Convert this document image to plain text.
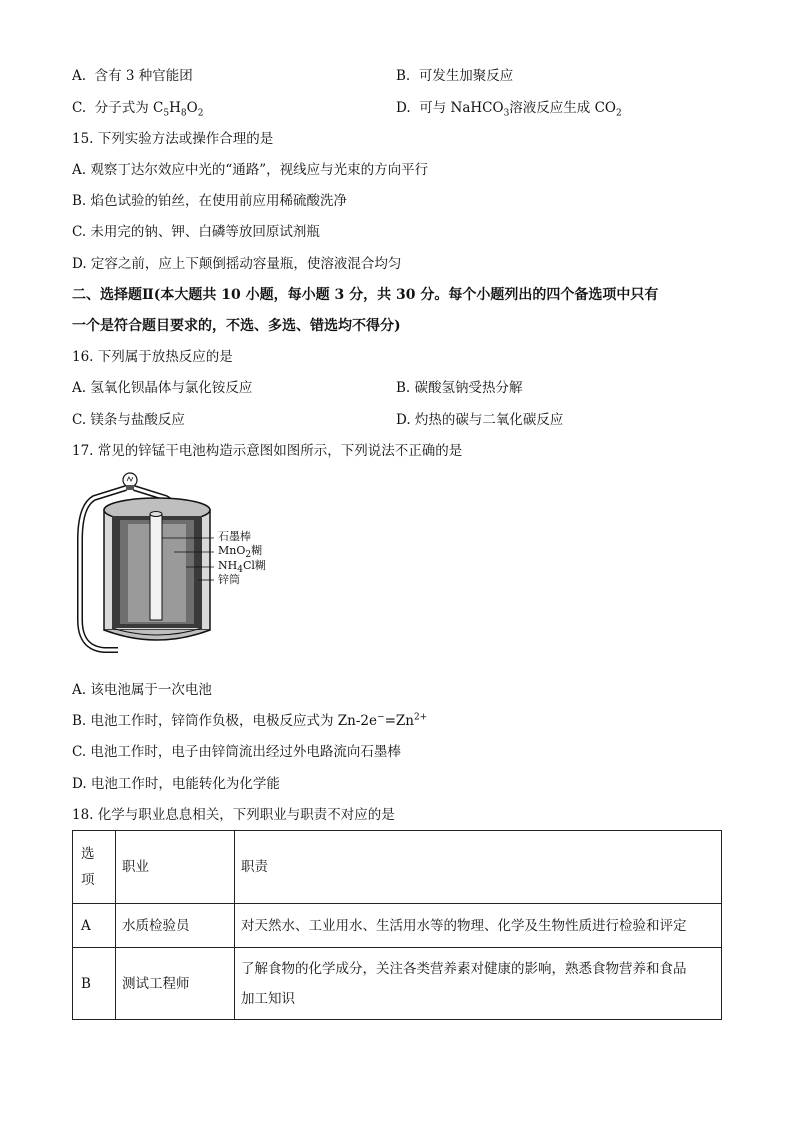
A. 含有 3 种官能团	B. 可发生加聚反应
C. 分子式为 $C_5H_8O_2$	D. 可与 NaHCO$_3$溶液反应生成 $CO_2$
15. 下列实验方法或操作合理的是
A. 观察丁达尔效应中光的“通路”，视线应与光束的方向平行
B. 焰色试验的铂丝，在使用前应用稀硫酸洗净
C. 未用完的钠、钾、白磷等放回原试剂瓶
D. 定容之前，应上下颠倒摇动容量瓶，使溶液混合均匀
二、选择题Ⅱ(本大题共 10 小题，每小题 3 分，共 30 分。每个小题列出的四个备选项中只有
一个是符合题目要求的，不选、多选、错选均不得分)
16. 下列属于放热反应的是
A. 氢氧化钡晶体与氯化铵反应	B. 碳酸氢钠受热分解
C. 镁条与盐酸反应	D. 灼热的碳与二氧化碳反应
17. 常见的锌锰干电池构造示意图如图所示，下列说法不正确的是
石墨棒
MnO$_2$糊
$NH_4Cl$糊
锌筒
A. 该电池属于一次电池
B. 电池工作时，锌筒作负极，电极反应式为 $Zn-2e^-=Zn^{2+}$
C. 电池工作时，电子由锌筒流出经过外电路流向石墨棒
D. 电池工作时，电能转化为化学能
18. 化学与职业息息相关，下列职业与职责不对应的是
选
项	职业	职责
A	水质检验员	对天然水、工业用水、生活用水等的物理、化学及生物性质进行检验和评定
B	测试工程师	了解食物的化学成分，关注各类营养素对健康的影响，熟悉食物营养和食品
加工知识
